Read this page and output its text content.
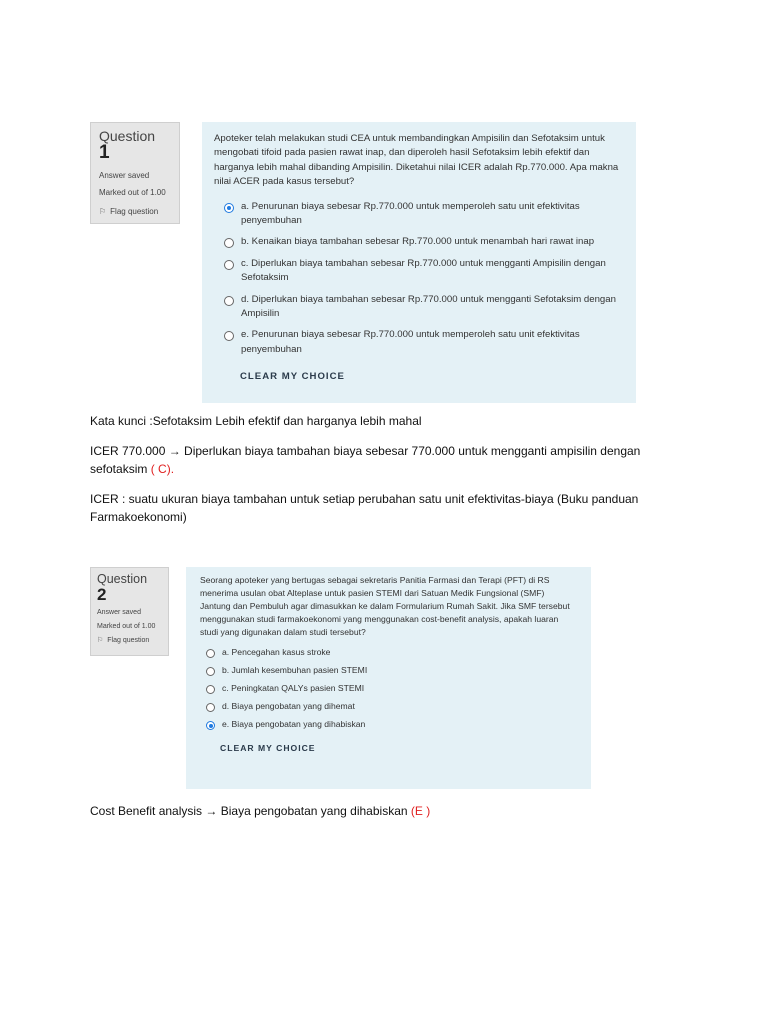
Question
1
Answer saved
Marked out of 1.00
⚐ Flag question
Apoteker telah melakukan studi CEA untuk membandingkan Ampisilin dan Sefotaksim untuk mengobati tifoid pada pasien rawat inap, dan diperoleh hasil Sefotaksim lebih efektif dan harganya lebih mahal dibanding Ampisilin. Diketahui nilai ICER adalah Rp.770.000. Apa makna nilai ACER pada kasus tersebut?
a. Penurunan biaya sebesar Rp.770.000 untuk memperoleh satu unit efektivitas penyembuhan
b. Kenaikan biaya tambahan sebesar Rp.770.000 untuk menambah hari rawat inap
c. Diperlukan biaya tambahan sebesar Rp.770.000 untuk mengganti Ampisilin dengan Sefotaksim
d. Diperlukan biaya tambahan sebesar Rp.770.000 untuk mengganti Sefotaksim dengan Ampisilin
e. Penurunan biaya sebesar Rp.770.000 untuk memperoleh satu unit efektivitas penyembuhan
CLEAR MY CHOICE
Kata kunci :Sefotaksim Lebih efektif dan harganya lebih mahal
ICER 770.000 → Diperlukan biaya tambahan biaya sebesar 770.000 untuk mengganti ampisilin dengan sefotaksim ( C).
ICER : suatu ukuran biaya tambahan untuk setiap perubahan satu unit efektivitas-biaya (Buku panduan Farmakoekonomi)
Question
2
Answer saved
Marked out of 1.00
⚐ Flag question
Seorang apoteker yang bertugas sebagai sekretaris Panitia Farmasi dan Terapi (PFT) di RS menerima usulan obat Alteplase untuk pasien STEMI dari Satuan Medik Fungsional (SMF) Jantung dan Pembuluh agar dimasukkan ke dalam Formularium Rumah Sakit. Jika SMF tersebut menggunakan studi farmakoekonomi yang menggunakan cost-benefit analysis, apakah luaran studi yang digunakan dalam studi tersebut?
a. Pencegahan kasus stroke
b. Jumlah kesembuhan pasien STEMI
c. Peningkatan QALYs pasien STEMI
d. Biaya pengobatan yang dihemat
e. Biaya pengobatan yang dihabiskan
CLEAR MY CHOICE
Cost Benefit analysis → Biaya pengobatan yang dihabiskan (E )
